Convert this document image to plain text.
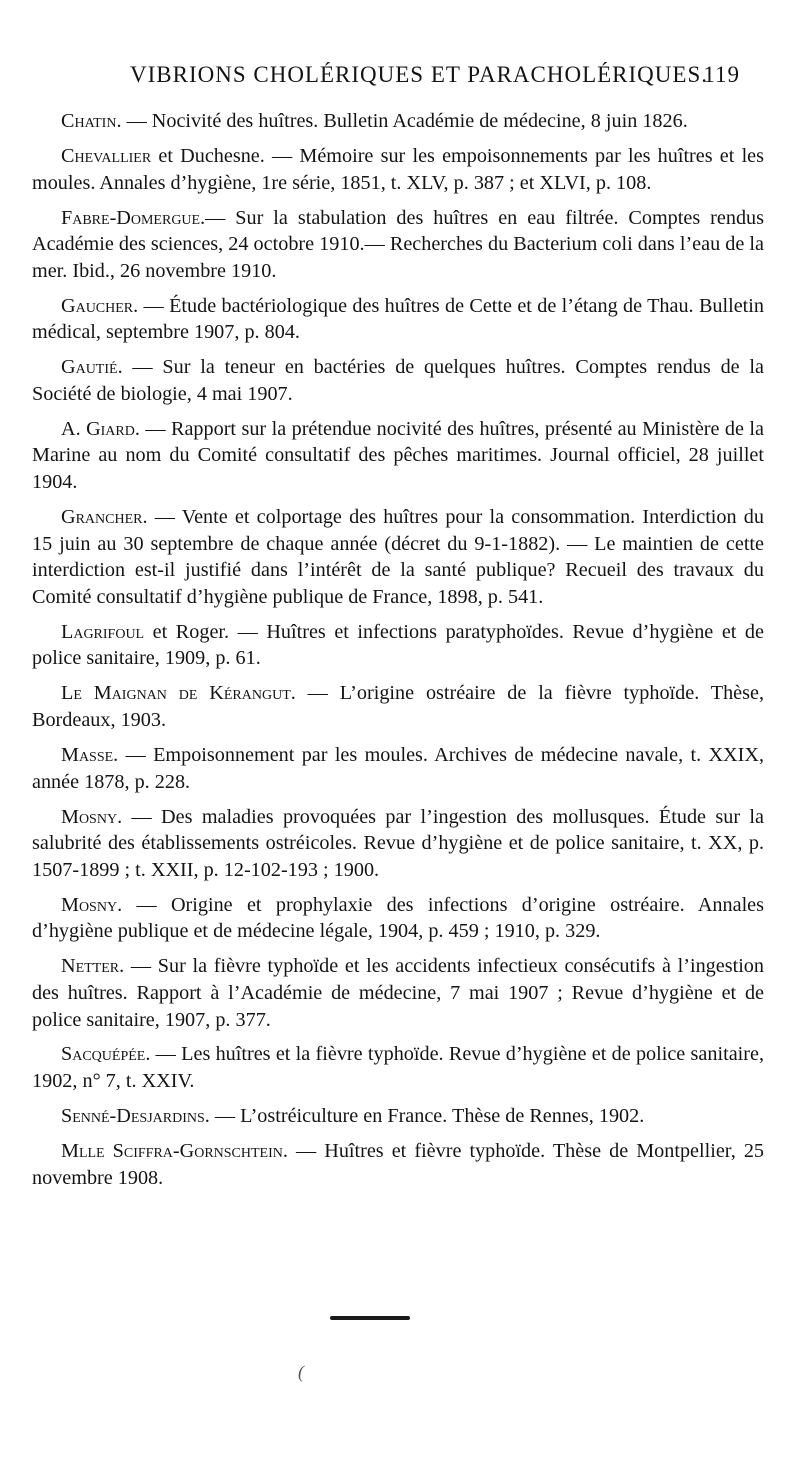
VIBRIONS CHOLÉRIQUES ET PARACHOLÉRIQUES.
119

Chatin. — Nocivité des huîtres. Bulletin Académie de médecine, 8 juin 1826.

Chevallier et Duchesne. — Mémoire sur les empoisonnements par les huîtres et les moules. Annales d’hygiène, 1re série, 1851, t. XLV, p. 387 ; et XLVI, p. 108.

Fabre-Domergue.— Sur la stabulation des huîtres en eau filtrée. Comptes rendus Académie des sciences, 24 octobre 1910.— Recherches du Bacterium coli dans l’eau de la mer. Ibid., 26 novembre 1910.

Gaucher. — Étude bactériologique des huîtres de Cette et de l’étang de Thau. Bulletin médical, septembre 1907, p. 804.

Gautié. — Sur la teneur en bactéries de quelques huîtres. Comptes rendus de la Société de biologie, 4 mai 1907.

A. Giard. — Rapport sur la prétendue nocivité des huîtres, présenté au Ministère de la Marine au nom du Comité consultatif des pêches maritimes. Journal officiel, 28 juillet 1904.

Grancher. — Vente et colportage des huîtres pour la consommation. Interdiction du 15 juin au 30 septembre de chaque année (décret du 9-1-1882). — Le maintien de cette interdiction est-il justifié dans l’intérêt de la santé publique? Recueil des travaux du Comité consultatif d’hygiène publique de France, 1898, p. 541.

Lagrifoul et Roger. — Huîtres et infections paratyphoïdes. Revue d’hygiène et de police sanitaire, 1909, p. 61.

Le Maignan de Kérangut. — L’origine ostréaire de la fièvre typhoïde. Thèse, Bordeaux, 1903.

Masse. — Empoisonnement par les moules. Archives de médecine navale, t. XXIX, année 1878, p. 228.

Mosny. — Des maladies provoquées par l’ingestion des mollusques. Étude sur la salubrité des établissements ostréicoles. Revue d’hygiène et de police sanitaire, t. XX, p. 1507-1899 ; t. XXII, p. 12-102-193 ; 1900.

Mosny. — Origine et prophylaxie des infections d’origine ostréaire. Annales d’hygiène publique et de médecine légale, 1904, p. 459 ; 1910, p. 329.

Netter. — Sur la fièvre typhoïde et les accidents infectieux consécutifs à l’ingestion des huîtres. Rapport à l’Académie de médecine, 7 mai 1907 ; Revue d’hygiène et de police sanitaire, 1907, p. 377.

Sacquépée. — Les huîtres et la fièvre typhoïde. Revue d’hygiène et de police sanitaire, 1902, n° 7, t. XXIV.

Senné-Desjardins. — L’ostréiculture en France. Thèse de Rennes, 1902.

Mlle Sciffra-Gornschtein. — Huîtres et fièvre typhoïde. Thèse de Montpellier, 25 novembre 1908.

(
